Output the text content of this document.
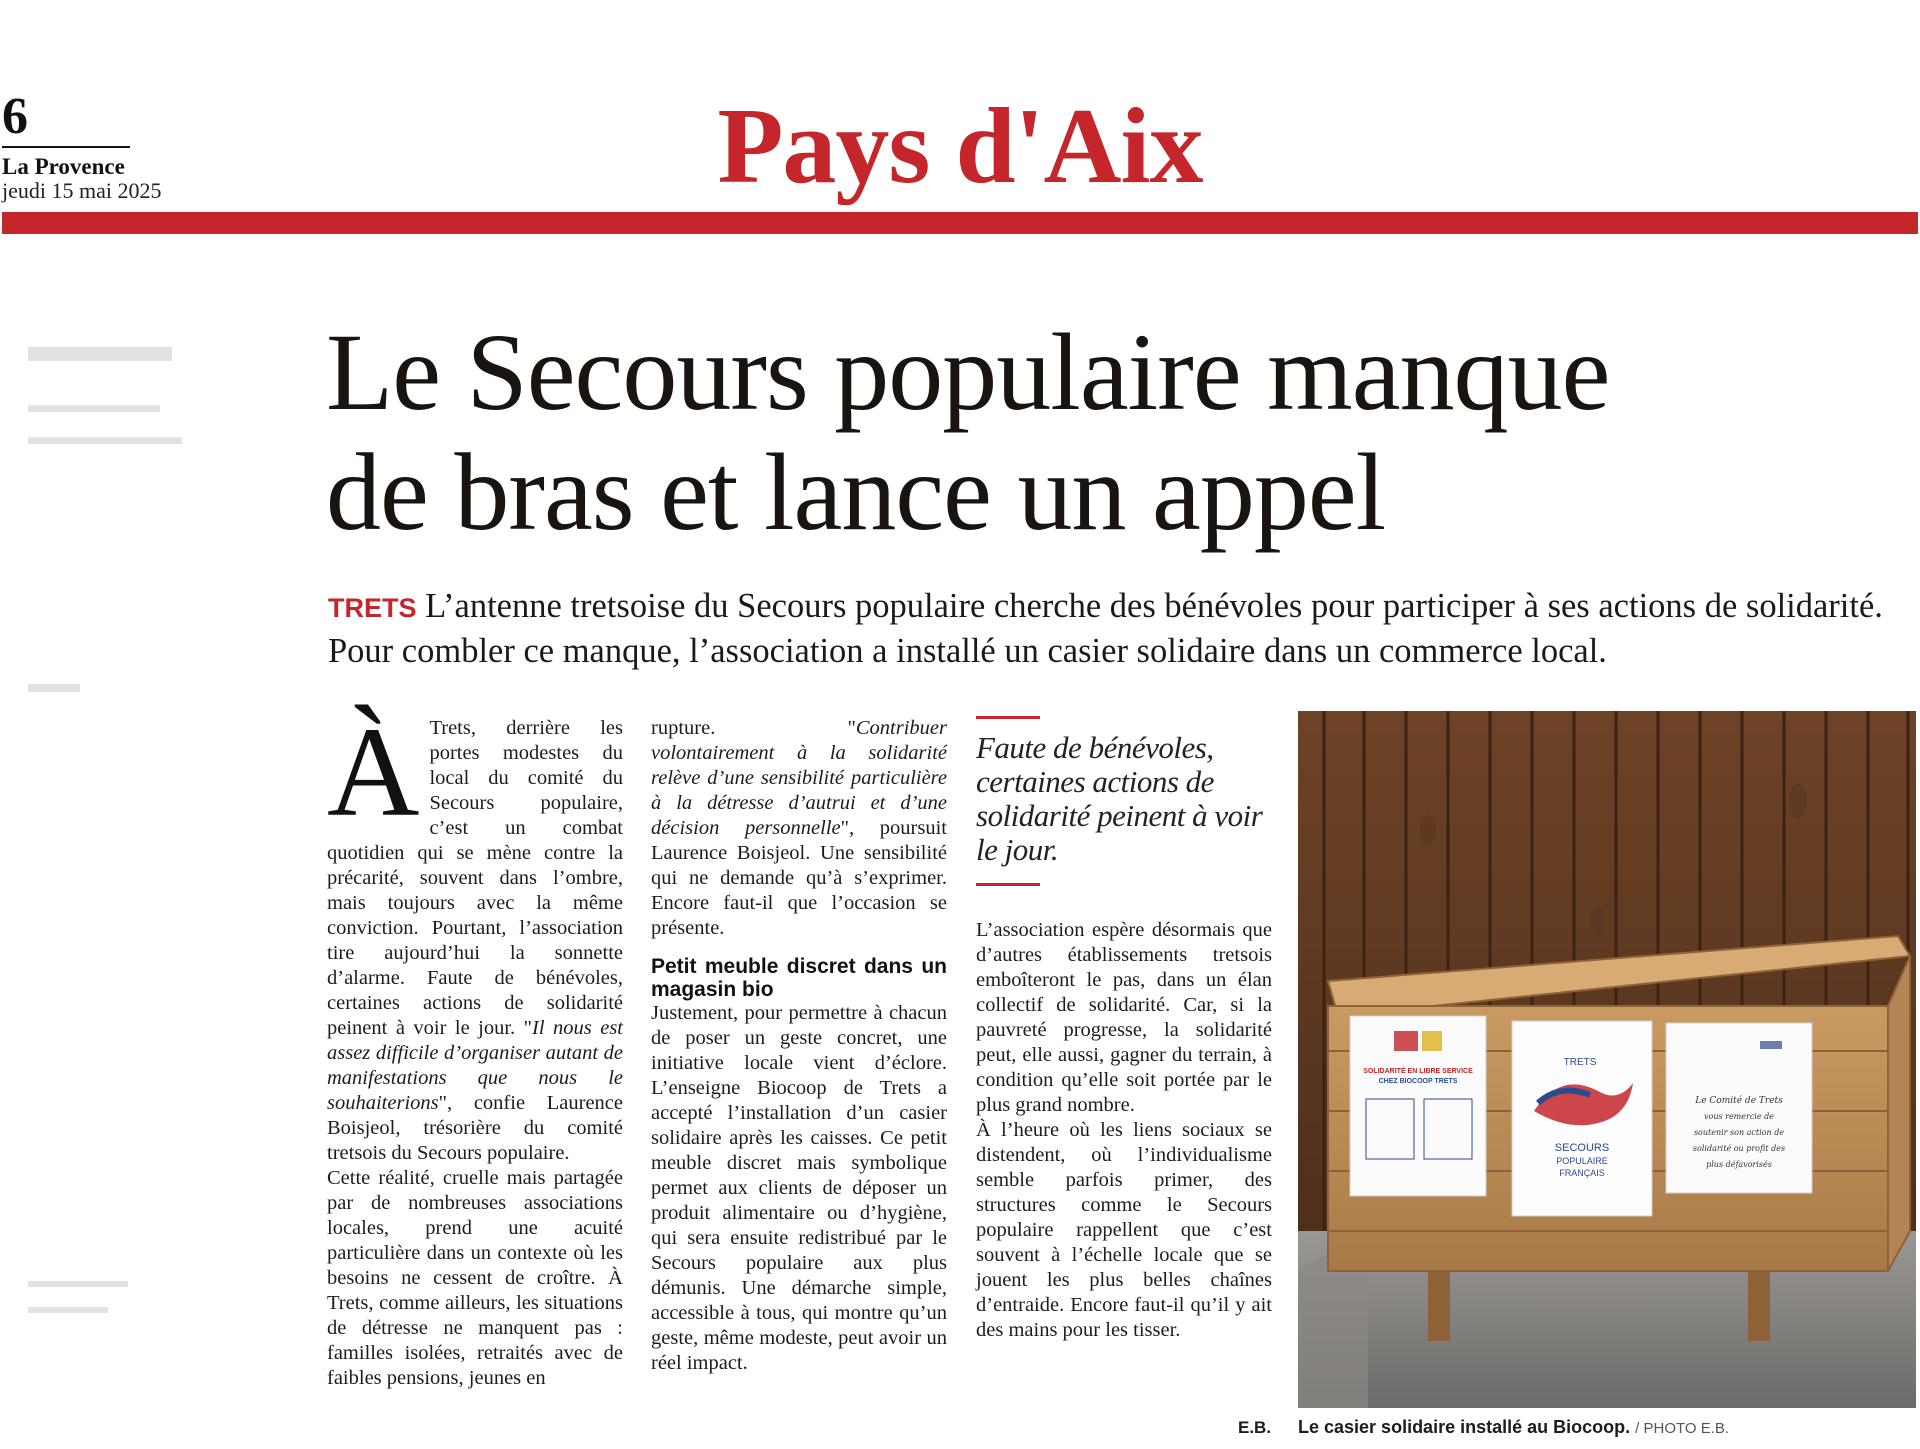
6
La Provence
jeudi 15 mai 2025	Pays d'Aix
▬▬▬
▬▬▬▬▬▬
▬▬▬▬▬▬▬
▬▬
▬▬▬▬▬
▬▬▬▬
Le Secours populaire manque
de bras et lance un appel
TRETS L’antenne tretsoise du Secours populaire cherche des bénévoles pour participer à ses actions de solidarité. Pour combler ce manque, l’association a installé un casier solidaire dans un commerce local.

À Trets, derrière les portes modestes du local du comité du Secours populaire, c’est un combat quotidien qui se mène contre la précarité, souvent dans l’ombre, mais toujours avec la même conviction. Pourtant, l’association tire aujourd’hui la sonnette d’alarme. Faute de bénévoles, certaines actions de solidarité peinent à voir le jour. "Il nous est assez difficile d’organiser autant de manifestations que nous le souhaiterions", confie Laurence Boisjeol, trésorière du comité tretsois du Secours populaire.

Cette réalité, cruelle mais partagée par de nombreuses associations locales, prend une acuité particulière dans un contexte où les besoins ne cessent de croître. À Trets, comme ailleurs, les situations de détresse ne manquent pas : familles isolées, retraités avec de faibles pensions, jeunes en

rupture. "Contribuer volontairement à la solidarité relève d’une sensibilité particulière à la détresse d’autrui et d’une décision personnelle", poursuit Laurence Boisjeol. Une sensibilité qui ne demande qu’à s’exprimer. Encore faut-il que l’occasion se présente.

Petit meuble discret dans un magasin bio

Justement, pour permettre à chacun de poser un geste concret, une initiative locale vient d’éclore. L’enseigne Biocoop de Trets a accepté l’installation d’un casier solidaire après les caisses. Ce petit meuble discret mais symbolique permet aux clients de déposer un produit alimentaire ou d’hygiène, qui sera ensuite redistribué par le Secours populaire aux plus démunis. Une démarche simple, accessible à tous, qui montre qu’un geste, même modeste, peut avoir un réel impact.

Faute de bénévoles, certaines actions de solidarité peinent à voir le jour.

L’association espère désormais que d’autres établissements tretsois emboîteront le pas, dans un élan collectif de solidarité. Car, si la pauvreté progresse, la solidarité peut, elle aussi, gagner du terrain, à condition qu’elle soit portée par le plus grand nombre.

À l’heure où les liens sociaux se distendent, où l’individualisme semble parfois primer, des structures comme le Secours populaire rappellent que c’est souvent à l’échelle locale que se jouent les plus belles chaînes d’entraide. Encore faut-il qu’il y ait des mains pour les tisser.

SOLIDARITÉ EN LIBRE SERVICE
CHEZ BIOCOOP TRETS
TRETS
SECOURS
POPULAIRE
FRANÇAIS
Le Comité de Trets
vous remercie de
soutenir son action de
solidarité ou profit des
plus défavorisés
E.B. Le casier solidaire installé au Biocoop. / PHOTO E.B.
